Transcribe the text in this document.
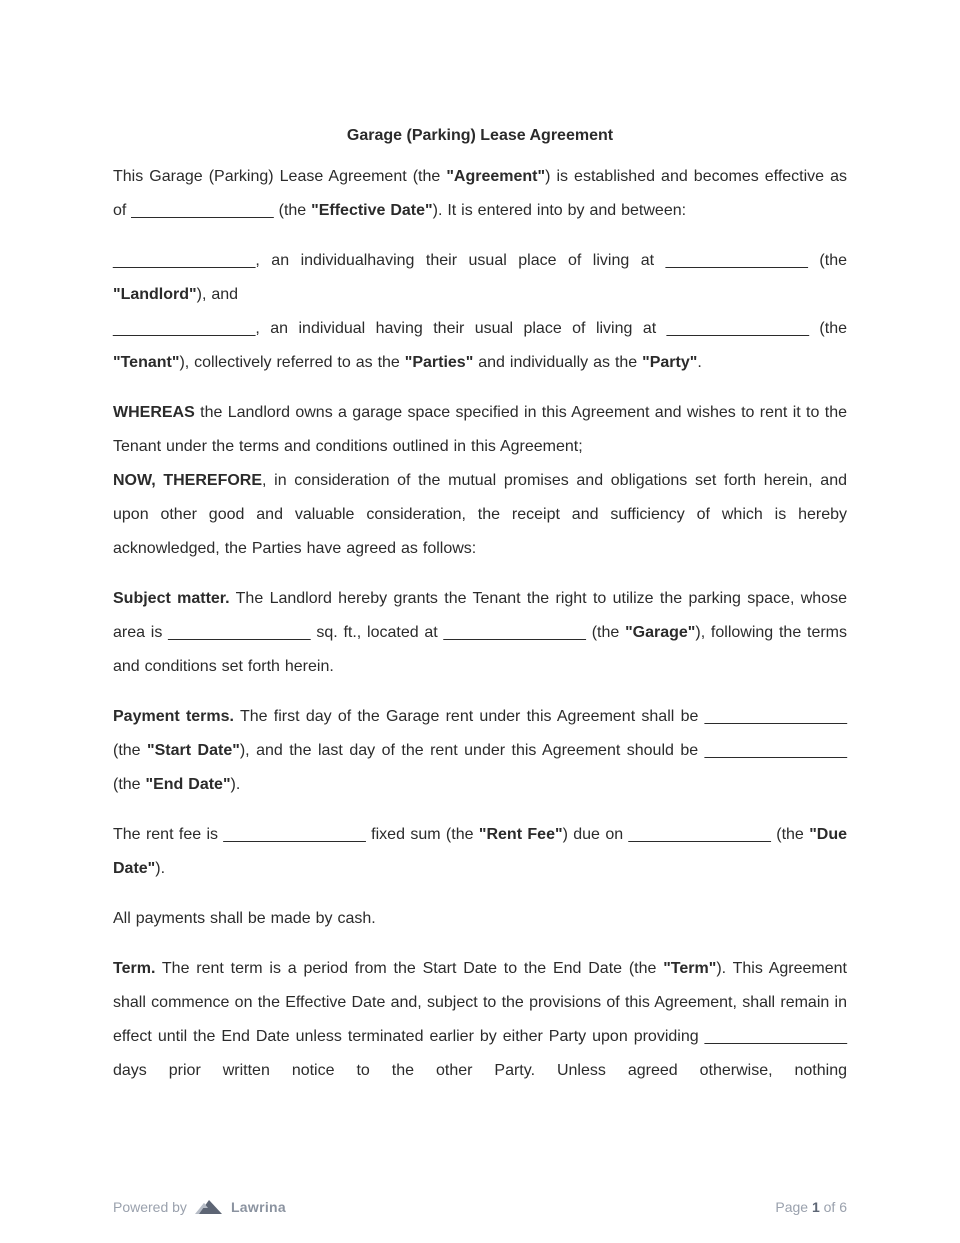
Garage (Parking) Lease Agreement

This Garage (Parking) Lease Agreement (the "Agreement") is established and becomes effective as of ________________ (the "Effective Date"). It is entered into by and between:

________________, an individualhaving their usual place of living at ________________ (the "Landlord"), and

________________, an individual having their usual place of living at ________________ (the "Tenant"), collectively referred to as the "Parties" and individually as the "Party".

WHEREAS the Landlord owns a garage space specified in this Agreement and wishes to rent it to the Tenant under the terms and conditions outlined in this Agreement;

NOW, THEREFORE, in consideration of the mutual promises and obligations set forth herein, and upon other good and valuable consideration, the receipt and sufficiency of which is hereby acknowledged, the Parties have agreed as follows:

Subject matter. The Landlord hereby grants the Tenant the right to utilize the parking space, whose area is ________________ sq. ft., located at ________________ (the "Garage"), following the terms and conditions set forth herein.

Payment terms. The first day of the Garage rent under this Agreement shall be ________________ (the "Start Date"), and the last day of the rent under this Agreement should be ________________ (the "End Date").

The rent fee is ________________ fixed sum (the "Rent Fee") due on ________________ (the "Due Date").

All payments shall be made by cash.

Term. The rent term is a period from the Start Date to the End Date (the "Term"). This Agreement shall commence on the Effective Date and, subject to the provisions of this Agreement, shall remain in effect until the End Date unless terminated earlier by either Party upon providing ________________ days prior written notice to the other Party. Unless agreed otherwise, nothing

Powered by	Lawrina	Page 1 of 6
